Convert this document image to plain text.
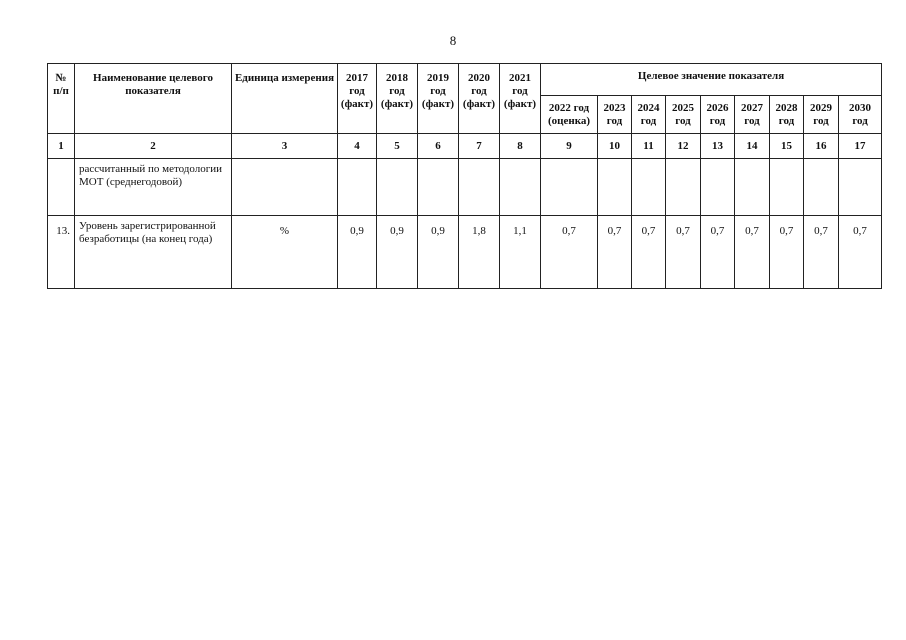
8
№ п/п	Наименование целевого показателя	Единица измерения	2017 год (факт)	2018 год (факт)	2019 год (факт)	2020 год (факт)	2021 год (факт)	Целевое значение показателя								
								2022 год (оценка)	2023 год	2024 год	2025 год	2026 год	2027 год	2028 год	2029 год	2030 год
1	2	3	4	5	6	7	8	9	10	11	12	13	14	15	16	17
	рассчитанный по методологии МОТ (среднегодовой)															
13.	Уровень зарегистрированной безработицы (на конец года)	%	0,9	0,9	0,9	1,8	1,1	0,7	0,7	0,7	0,7	0,7	0,7	0,7	0,7	0,7
